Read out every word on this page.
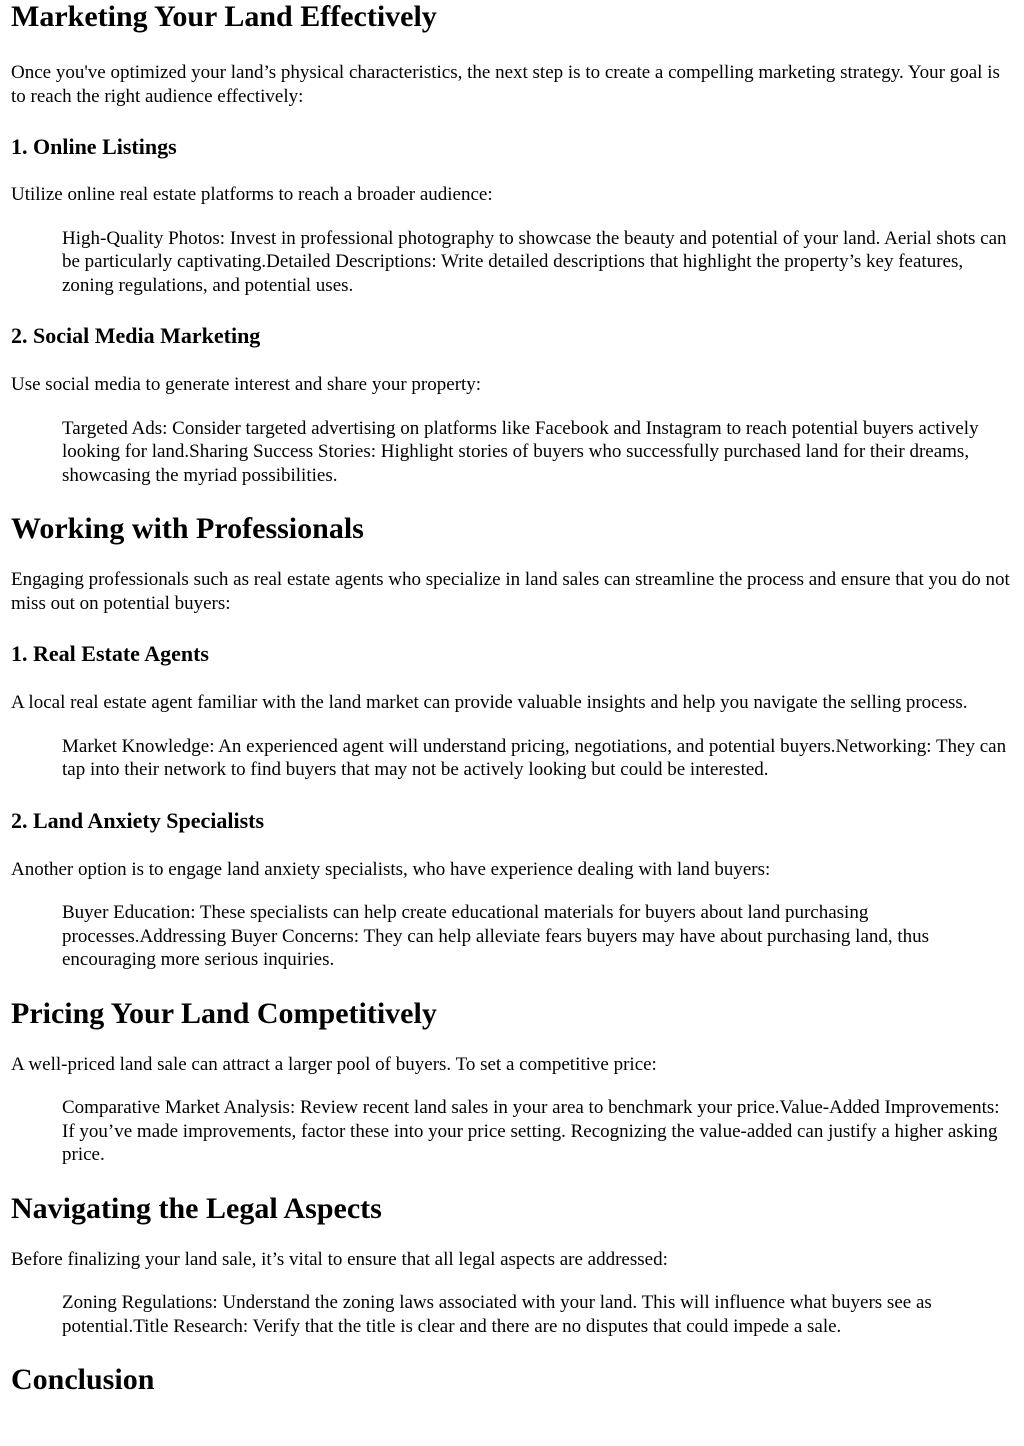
Marketing Your Land Effectively

Once you've optimized your land’s physical characteristics, the next step is to create a compelling marketing strategy. Your goal is to reach the right audience effectively:

1. Online Listings

Utilize online real estate platforms to reach a broader audience:

High-Quality Photos: Invest in professional photography to showcase the beauty and potential of your land. Aerial shots can be particularly captivating.Detailed Descriptions: Write detailed descriptions that highlight the property’s key features, zoning regulations, and potential uses.
2. Social Media Marketing

Use social media to generate interest and share your property:

Targeted Ads: Consider targeted advertising on platforms like Facebook and Instagram to reach potential buyers actively looking for land.Sharing Success Stories: Highlight stories of buyers who successfully purchased land for their dreams, showcasing the myriad possibilities.
Working with Professionals

Engaging professionals such as real estate agents who specialize in land sales can streamline the process and ensure that you do not miss out on potential buyers:

1. Real Estate Agents

A local real estate agent familiar with the land market can provide valuable insights and help you navigate the selling process.

Market Knowledge: An experienced agent will understand pricing, negotiations, and potential buyers.Networking: They can tap into their network to find buyers that may not be actively looking but could be interested.
2. Land Anxiety Specialists

Another option is to engage land anxiety specialists, who have experience dealing with land buyers:

Buyer Education: These specialists can help create educational materials for buyers about land purchasing processes.Addressing Buyer Concerns: They can help alleviate fears buyers may have about purchasing land, thus encouraging more serious inquiries.
Pricing Your Land Competitively

A well-priced land sale can attract a larger pool of buyers. To set a competitive price:

Comparative Market Analysis: Review recent land sales in your area to benchmark your price.Value-Added Improvements: If you’ve made improvements, factor these into your price setting. Recognizing the value-added can justify a higher asking price.
Navigating the Legal Aspects

Before finalizing your land sale, it’s vital to ensure that all legal aspects are addressed:

Zoning Regulations: Understand the zoning laws associated with your land. This will influence what buyers see as potential.Title Research: Verify that the title is clear and there are no disputes that could impede a sale.
Conclusion
